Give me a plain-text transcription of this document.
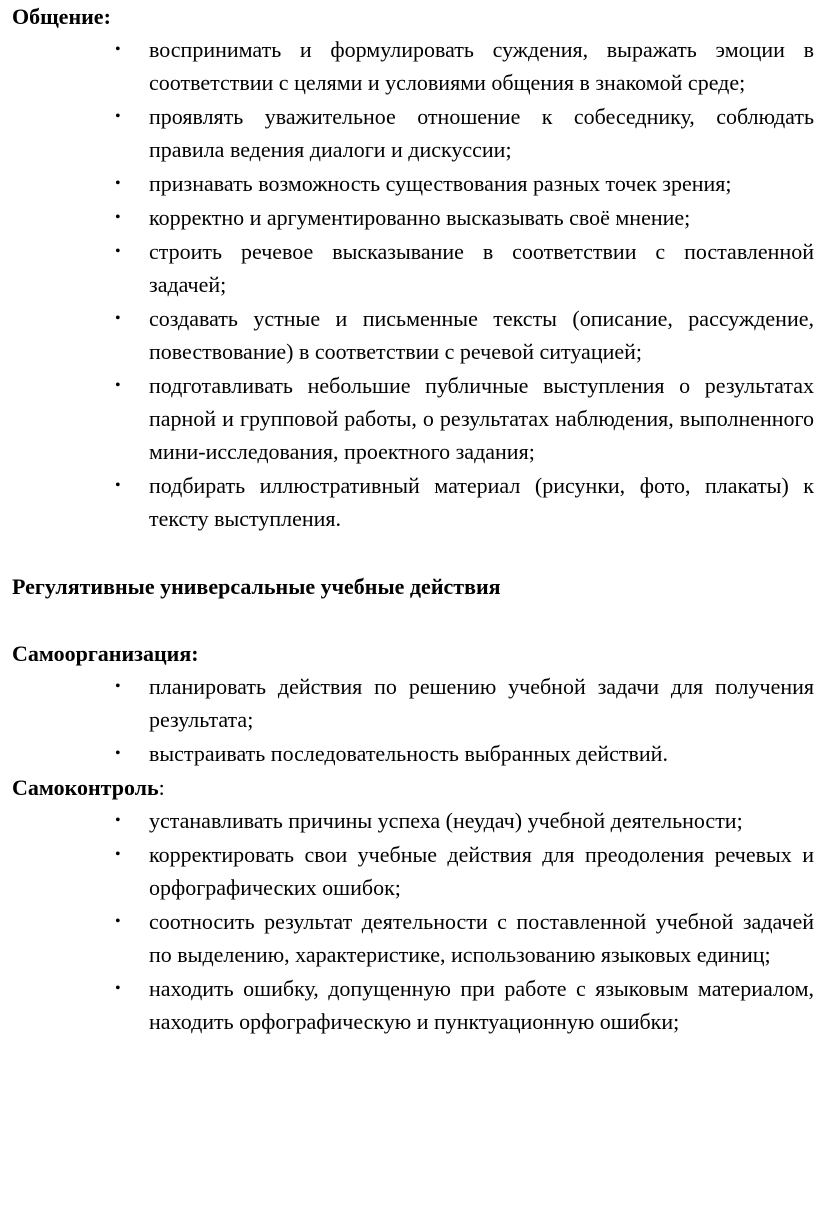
Общение:

• воспринимать и формулировать суждения, выражать эмоции в соответствии с целями и условиями общения в знакомой среде;
• проявлять уважительное отношение к собеседнику, соблюдать правила ведения диалоги и дискуссии;
• признавать возможность существования разных точек зрения;
• корректно и аргументированно высказывать своё мнение;
• строить речевое высказывание в соответствии с поставленной задачей;
• создавать устные и письменные тексты (описание, рассуждение, повествование) в соответствии с речевой ситуацией;
• подготавливать небольшие публичные выступления о результатах парной и групповой работы, о результатах наблюдения, выполненного мини-исследования, проектного задания;
• подбирать иллюстративный материал (рисунки, фото, плакаты) к тексту выступления.

Регулятивные универсальные учебные действия

Самоорганизация:

• планировать действия по решению учебной задачи для получения результата;
• выстраивать последовательность выбранных действий.

Самоконтроль:

• устанавливать причины успеха (неудач) учебной деятельности;
• корректировать свои учебные действия для преодоления речевых и орфографических ошибок;
• соотносить результат деятельности с поставленной учебной задачей по выделению, характеристике, использованию языковых единиц;
• находить ошибку, допущенную при работе с языковым материалом, находить орфографическую и пунктуационную ошибки;
